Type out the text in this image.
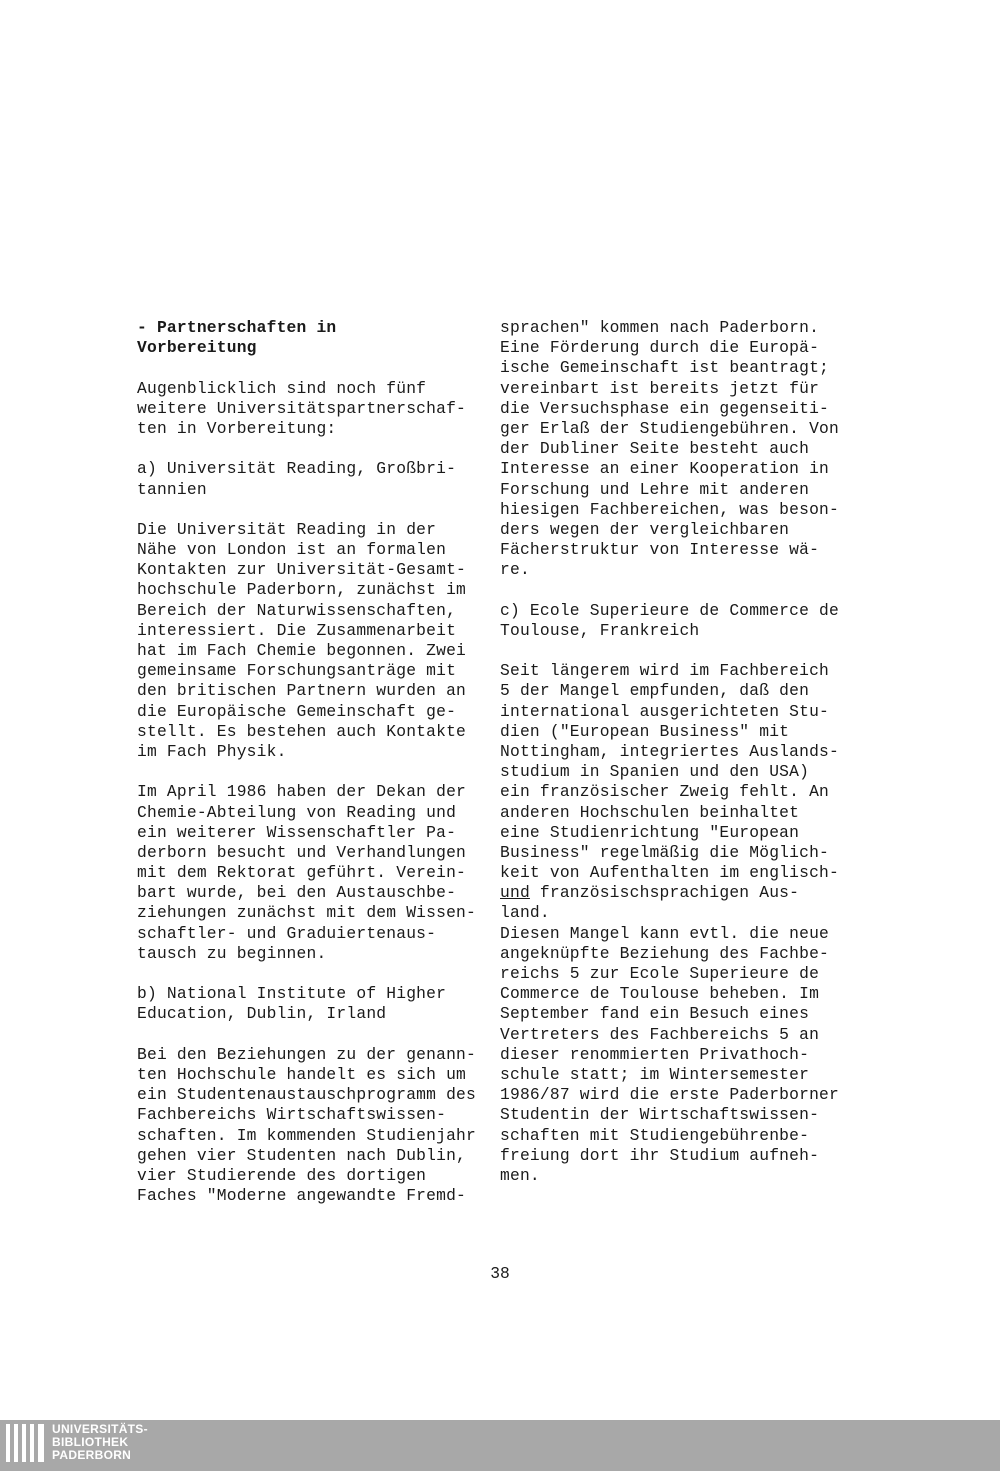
- Partnerschaften in
Vorbereitung
Augenblicklich sind noch fünf
weitere Universitätspartnerschaf-
ten in Vorbereitung:
a) Universität Reading, Großbri-
tannien
Die Universität Reading in der
Nähe von London ist an formalen
Kontakten zur Universität-Gesamt-
hochschule Paderborn, zunächst im
Bereich der Naturwissenschaften,
interessiert. Die Zusammenarbeit
hat im Fach Chemie begonnen. Zwei
gemeinsame Forschungsanträge mit
den britischen Partnern wurden an
die Europäische Gemeinschaft ge-
stellt. Es bestehen auch Kontakte
im Fach Physik.
Im April 1986 haben der Dekan der
Chemie-Abteilung von Reading und
ein weiterer Wissenschaftler Pa-
derborn besucht und Verhandlungen
mit dem Rektorat geführt. Verein-
bart wurde, bei den Austauschbe-
ziehungen zunächst mit dem Wissen-
schaftler- und Graduiertenaus-
tausch zu beginnen.
b) National Institute of Higher
Education, Dublin, Irland
Bei den Beziehungen zu der genann-
ten Hochschule handelt es sich um
ein Studentenaustauschprogramm des
Fachbereichs Wirtschaftswissen-
schaften. Im kommenden Studienjahr
gehen vier Studenten nach Dublin,
vier Studierende des dortigen
Faches "Moderne angewandte Fremd-
sprachen" kommen nach Paderborn.
Eine Förderung durch die Europä-
ische Gemeinschaft ist beantragt;
vereinbart ist bereits jetzt für
die Versuchsphase ein gegenseiti-
ger Erlaß der Studiengebühren. Von
der Dubliner Seite besteht auch
Interesse an einer Kooperation in
Forschung und Lehre mit anderen
hiesigen Fachbereichen, was beson-
ders wegen der vergleichbaren
Fächerstruktur von Interesse wä-
re.
c) Ecole Superieure de Commerce de
Toulouse, Frankreich
Seit längerem wird im Fachbereich
5 der Mangel empfunden, daß den
international ausgerichteten Stu-
dien ("European Business" mit
Nottingham, integriertes Auslands-
studium in Spanien und den USA)
ein französischer Zweig fehlt. An
anderen Hochschulen beinhaltet
eine Studienrichtung "European
Business" regelmäßig die Möglich-
keit von Aufenthalten im englisch-
und französischsprachigen Aus-
land.
Diesen Mangel kann evtl. die neue
angeknüpfte Beziehung des Fachbe-
reichs 5 zur Ecole Superieure de
Commerce de Toulouse beheben. Im
September fand ein Besuch eines
Vertreters des Fachbereichs 5 an
dieser renommierten Privathoch-
schule statt; im Wintersemester
1986/87 wird die erste Paderborner
Studentin der Wirtschaftswissen-
schaften mit Studiengebührenbe-
freiung dort ihr Studium aufneh-
men.
38
UNIVERSITÄTS-
BIBLIOTHEK
PADERBORN
